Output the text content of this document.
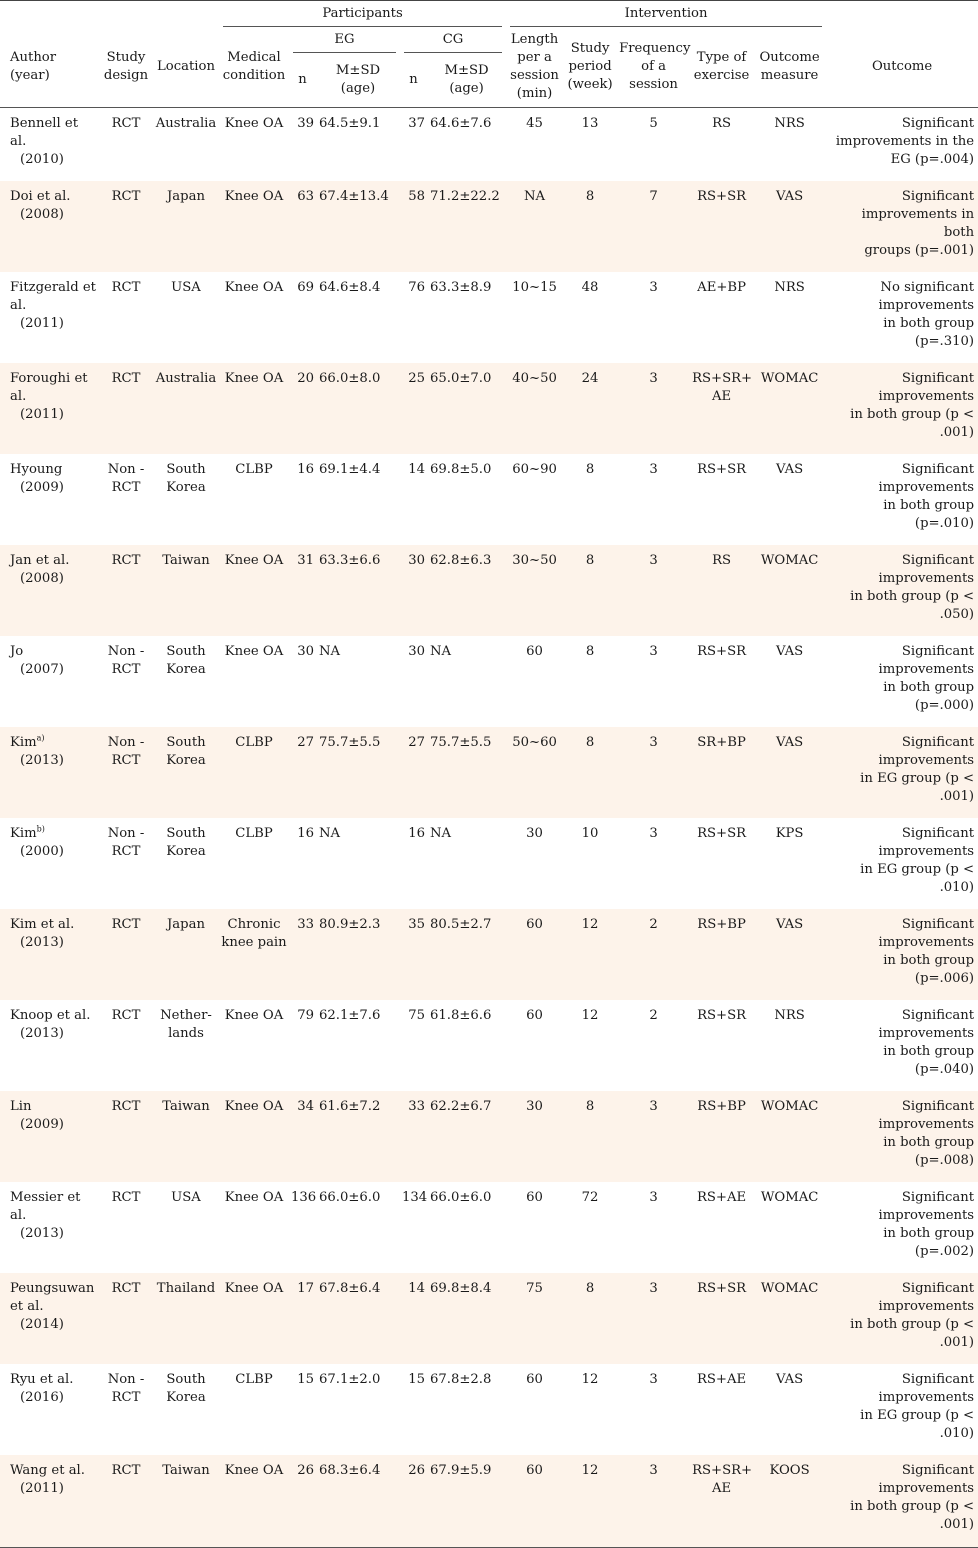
			Participants					Intervention				

Author (year)	Study design	Location	Medical condition	EG		CG		Length per a session (min)	Study period (week)	Frequency of a session	Type of exercise	Outcome measure	Outcome
				n	M±SD (age)	n	M±SD (age)						

Bennell et al.
(2010)	RCT	Australia	Knee OA	39	64.5±9.1	37	64.6±7.6	45	13	5	RS	NRS	Significant improvements in the
EG (p=.004)

Doi et al.
(2008)	RCT	Japan	Knee OA	63	67.4±13.4	58	71.2±22.2	NA	8	7	RS+SR	VAS	Significant improvements in both
groups (p=.001)

Fitzgerald et al.
(2011)	RCT	USA	Knee OA	69	64.6±8.4	76	63.3±8.9	10~15	48	3	AE+BP	NRS	No significant improvements
in both group (p=.310)

Foroughi et al.
(2011)	RCT	Australia	Knee OA	20	66.0±8.0	25	65.0±7.0	40~50	24	3	RS+SR+ AE	WOMAC	Significant improvements
in both group (p < .001)

Hyoung
(2009)	Non -RCT	South Korea	CLBP	16	69.1±4.4	14	69.8±5.0	60~90	8	3	RS+SR	VAS	Significant improvements
in both group (p=.010)

Jan et al.
(2008)	RCT	Taiwan	Knee OA	31	63.3±6.6	30	62.8±6.3	30~50	8	3	RS	WOMAC	Significant improvements
in both group (p < .050)

Jo
(2007)	Non -RCT	South Korea	Knee OA	30	NA	30	NA	60	8	3	RS+SR	VAS	Significant improvements
in both group (p=.000)

Kim$^{a)}$
(2013)	Non -RCT	South Korea	CLBP	27	75.7±5.5	27	75.7±5.5	50~60	8	3	SR+BP	VAS	Significant improvements
in EG group (p < .001)

Kim$^{b)}$
(2000)	Non -RCT	South Korea	CLBP	16	NA	16	NA	30	10	3	RS+SR	KPS	Significant improvements
in EG group (p < .010)

Kim et al.
(2013)	RCT	Japan	Chronic knee pain	33	80.9±2.3	35	80.5±2.7	60	12	2	RS+BP	VAS	Significant improvements
in both group (p=.006)

Knoop et al.
(2013)	RCT	Nether- lands	Knee OA	79	62.1±7.6	75	61.8±6.6	60	12	2	RS+SR	NRS	Significant improvements
in both group (p=.040)

Lin
(2009)	RCT	Taiwan	Knee OA	34	61.6±7.2	33	62.2±6.7	30	8	3	RS+BP	WOMAC	Significant improvements
in both group (p=.008)

Messier et al.
(2013)	RCT	USA	Knee OA	136	66.0±6.0	134	66.0±6.0	60	72	3	RS+AE	WOMAC	Significant improvements
in both group (p=.002)

Peungsuwan et al.
(2014)	RCT	Thailand	Knee OA	17	67.8±6.4	14	69.8±8.4	75	8	3	RS+SR	WOMAC	Significant improvements
in both group (p < .001)

Ryu et al.
(2016)	Non -RCT	South Korea	CLBP	15	67.1±2.0	15	67.8±2.8	60	12	3	RS+AE	VAS	Significant improvements
in EG group (p < .010)

Wang et al.
(2011)	RCT	Taiwan	Knee OA	26	68.3±6.4	26	67.9±5.9	60	12	3	RS+SR+ AE	KOOS	Significant improvements
in both group (p < .001)
